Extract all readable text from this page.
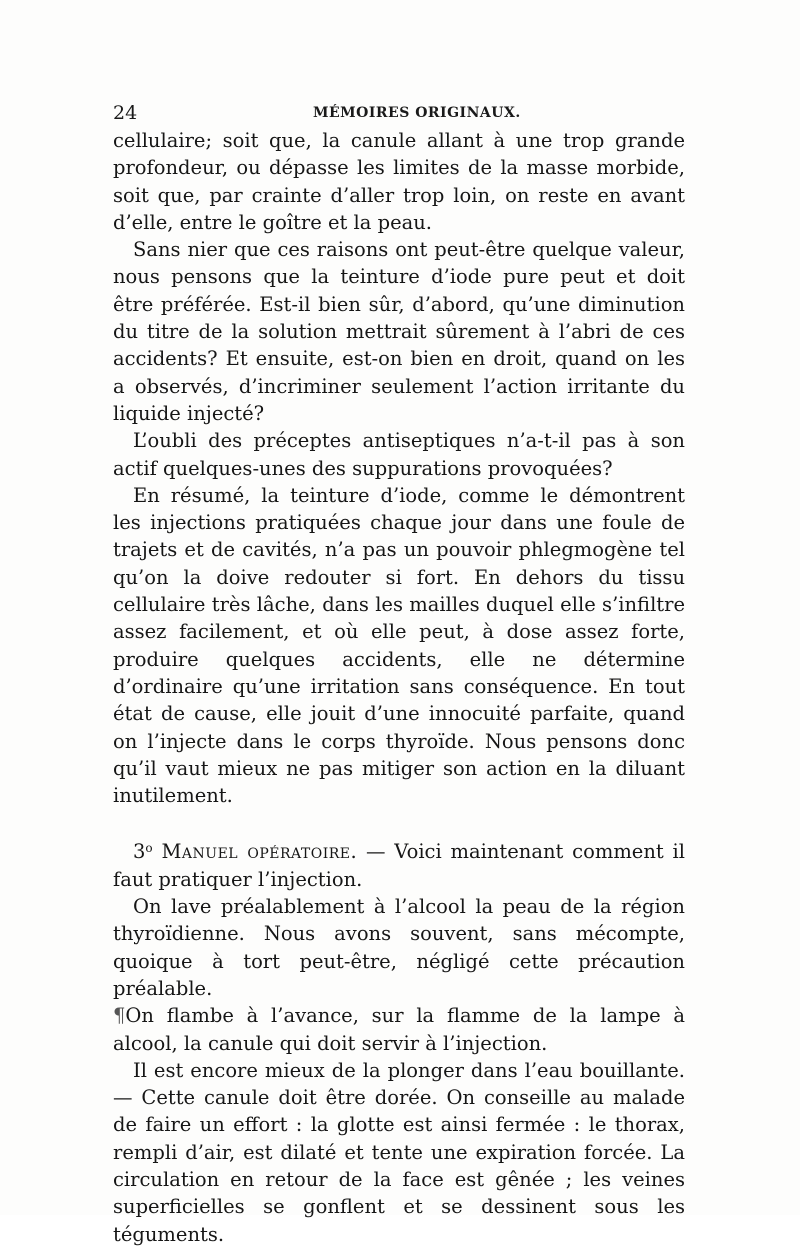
24	MÉMOIRES ORIGINAUX.

cellulaire; soit que, la canule allant à une trop grande profondeur, ou dépasse les limites de la masse morbide, soit que, par crainte d’aller trop loin, on reste en avant d’elle, entre le goître et la peau.

Sans nier que ces raisons ont peut-être quelque valeur, nous pensons que la teinture d’iode pure peut et doit être préférée. Est-il bien sûr, d’abord, qu’une diminution du titre de la solution mettrait sûrement à l’abri de ces accidents? Et ensuite, est-on bien en droit, quand on les a observés, d’incriminer seulement l’action irritante du liquide injecté?

L’oubli des préceptes antiseptiques n’a-t-il pas à son actif quelques-unes des suppurations provoquées?

En résumé, la teinture d’iode, comme le démontrent les injections pratiquées chaque jour dans une foule de trajets et de cavités, n’a pas un pouvoir phlegmogène tel qu’on la doive redouter si fort. En dehors du tissu cellulaire très lâche, dans les mailles duquel elle s’infiltre assez facilement, et où elle peut, à dose assez forte, produire quelques accidents, elle ne détermine d’ordinaire qu’une irritation sans conséquence. En tout état de cause, elle jouit d’une innocuité parfaite, quand on l’injecte dans le corps thyroïde. Nous pensons donc qu’il vaut mieux ne pas mitiger son action en la diluant inutilement.

3$^o$ Manuel opératoire. — Voici maintenant comment il faut pratiquer l’injection.

On lave préalablement à l’alcool la peau de la région thyroïdienne. Nous avons souvent, sans mécompte, quoique à tort peut-être, négligé cette précaution préalable.

¶On flambe à l’avance, sur la flamme de la lampe à alcool, la canule qui doit servir à l’injection.

Il est encore mieux de la plonger dans l’eau bouillante. — Cette canule doit être dorée. On conseille au malade de faire un effort : la glotte est ainsi fermée : le thorax, rempli d’air, est dilaté et tente une expiration forcée. La circulation en retour de la face est gênée ; les veines superficielles se gonflent et se dessinent sous les téguments.
